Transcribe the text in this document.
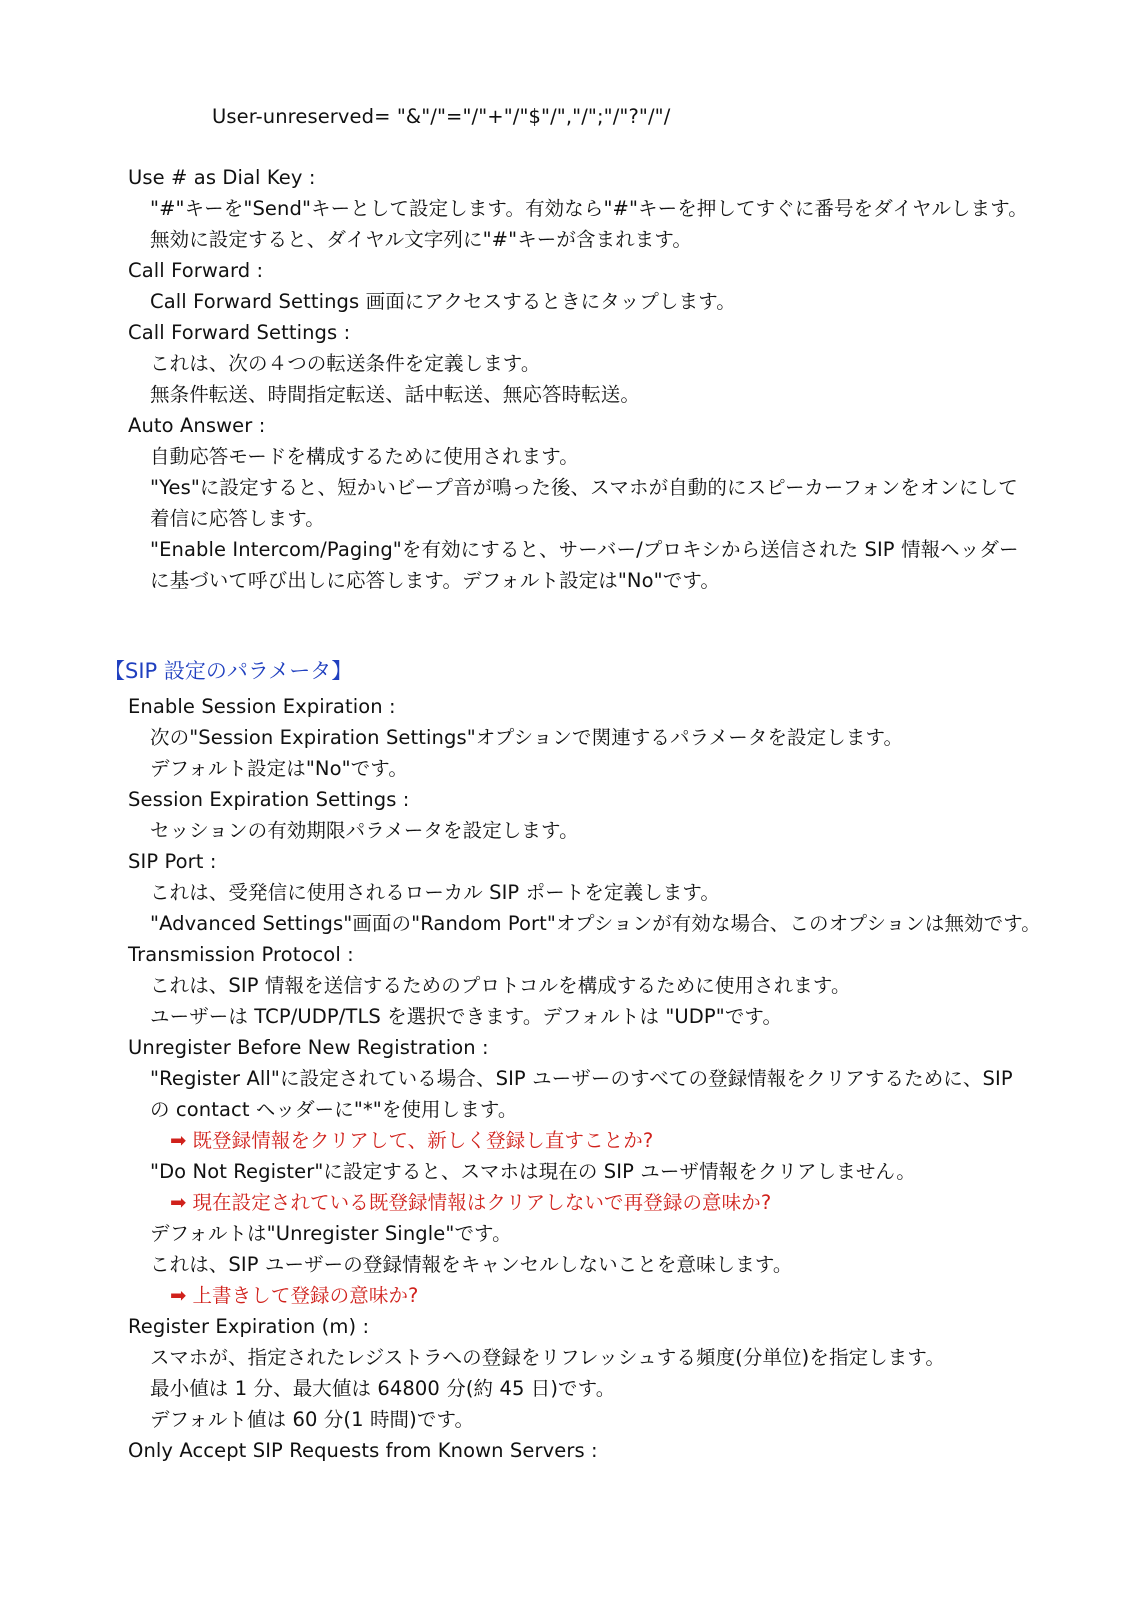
User-unreserved= "&"/"="/"+"/"$"/","/";"/"?"/"/
Use # as Dial Key :
"#"キーを"Send"キーとして設定します。有効なら"#"キーを押してすぐに番号をダイヤルします。
無効に設定すると、ダイヤル文字列に"#"キーが含まれます。
Call Forward :
Call Forward Settings 画面にアクセスするときにタップします。
Call Forward Settings :
これは、次の４つの転送条件を定義します。
無条件転送、時間指定転送、話中転送、無応答時転送。
Auto Answer :
自動応答モードを構成するために使用されます。
"Yes"に設定すると、短かいビープ音が鳴った後、スマホが自動的にスピーカーフォンをオンにして
着信に応答します。
"Enable Intercom/Paging"を有効にすると、サーバー/プロキシから送信された SIP 情報ヘッダー
に基づいて呼び出しに応答します。デフォルト設定は"No"です。
【SIP 設定のパラメータ】
Enable Session Expiration :
次の"Session Expiration Settings"オプションで関連するパラメータを設定します。
デフォルト設定は"No"です。
Session Expiration Settings :
セッションの有効期限パラメータを設定します。
SIP Port :
これは、受発信に使用されるローカル SIP ポートを定義します。
"Advanced Settings"画面の"Random Port"オプションが有効な場合、このオプションは無効です。
Transmission Protocol :
これは、SIP 情報を送信するためのプロトコルを構成するために使用されます。
ユーザーは TCP/UDP/TLS を選択できます。デフォルトは "UDP"です。
Unregister Before New Registration :
"Register All"に設定されている場合、SIP ユーザーのすべての登録情報をクリアするために、SIP
の contact ヘッダーに"*"を使用します。
➡ 既登録情報をクリアして、新しく登録し直すことか?
"Do Not Register"に設定すると、スマホは現在の SIP ユーザ情報をクリアしません。
➡ 現在設定されている既登録情報はクリアしないで再登録の意味か?
デフォルトは"Unregister Single"です。
これは、SIP ユーザーの登録情報をキャンセルしないことを意味します。
➡ 上書きして登録の意味か?
Register Expiration (m) :
スマホが、指定されたレジストラへの登録をリフレッシュする頻度(分単位)を指定します。
最小値は 1 分、最大値は 64800 分(約 45 日)です。
デフォルト値は 60 分(1 時間)です。
Only Accept SIP Requests from Known Servers :
